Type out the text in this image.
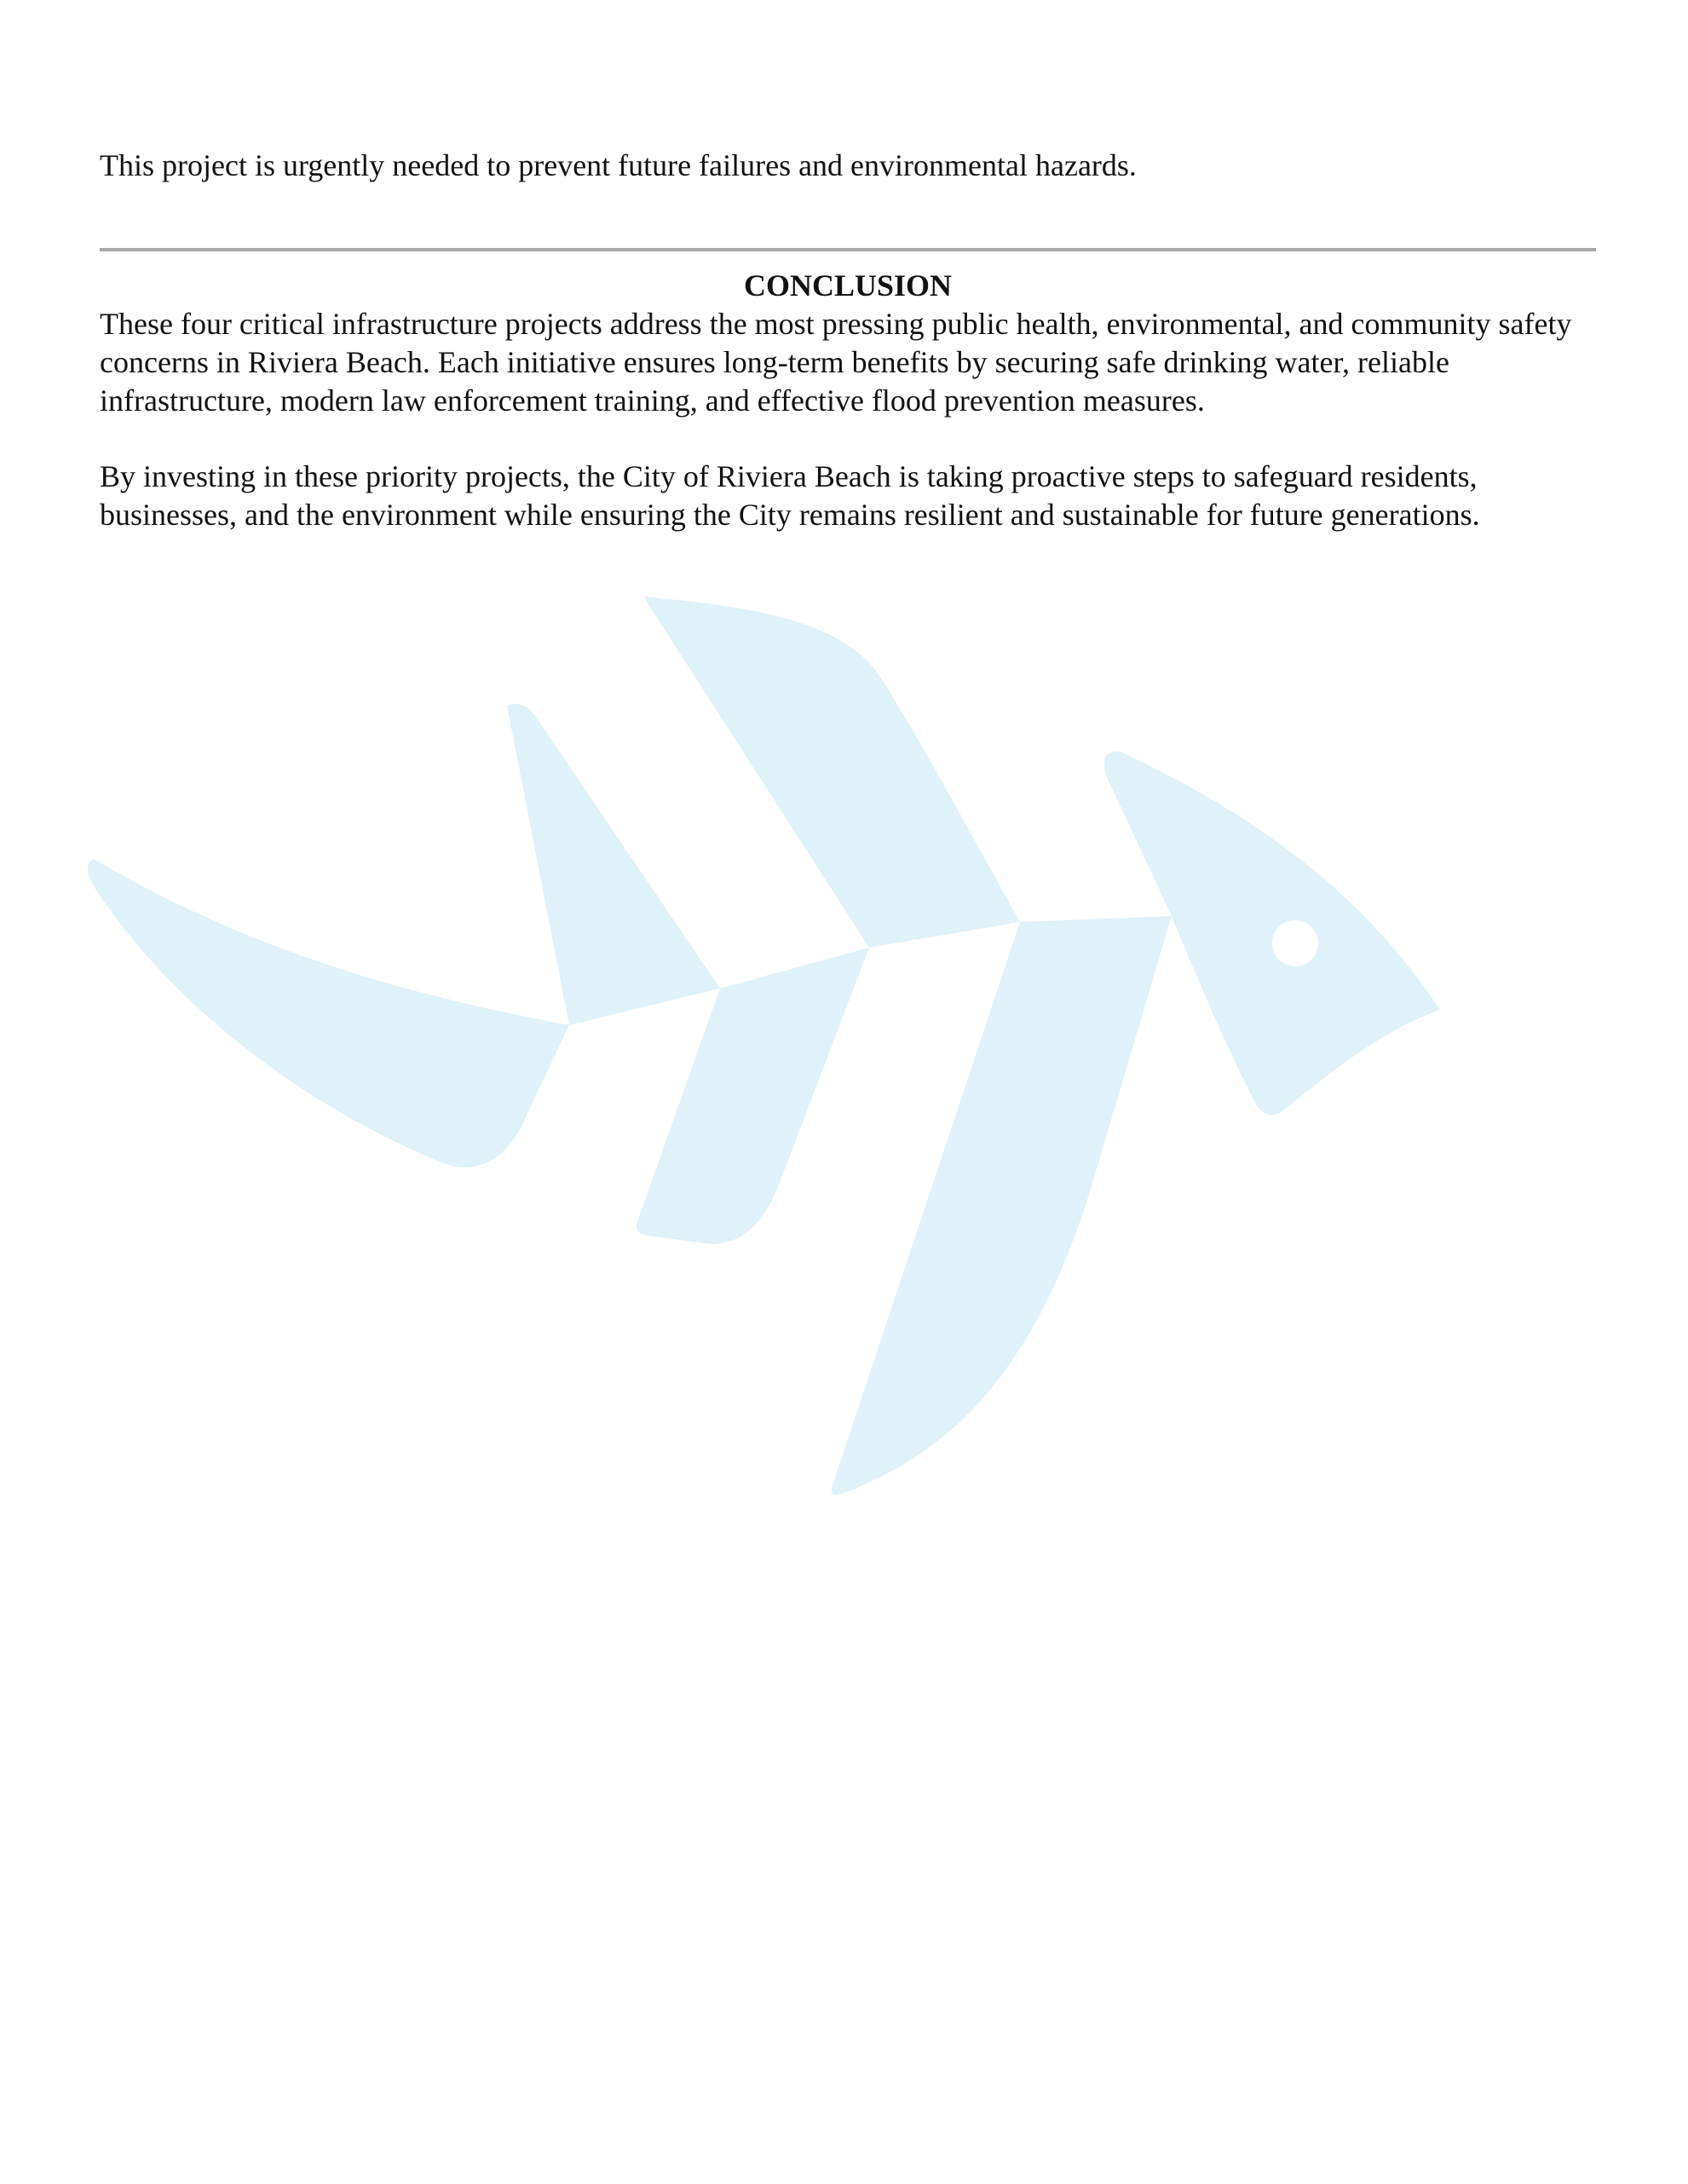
This project is urgently needed to prevent future failures and environmental hazards.

CONCLUSION

These four critical infrastructure projects address the most pressing public health, environmental, and community safety concerns in Riviera Beach. Each initiative ensures long-term benefits by securing safe drinking water, reliable infrastructure, modern law enforcement training, and effective flood prevention measures.

By investing in these priority projects, the City of Riviera Beach is taking proactive steps to safeguard residents, businesses, and the environment while ensuring the City remains resilient and sustainable for future generations.
